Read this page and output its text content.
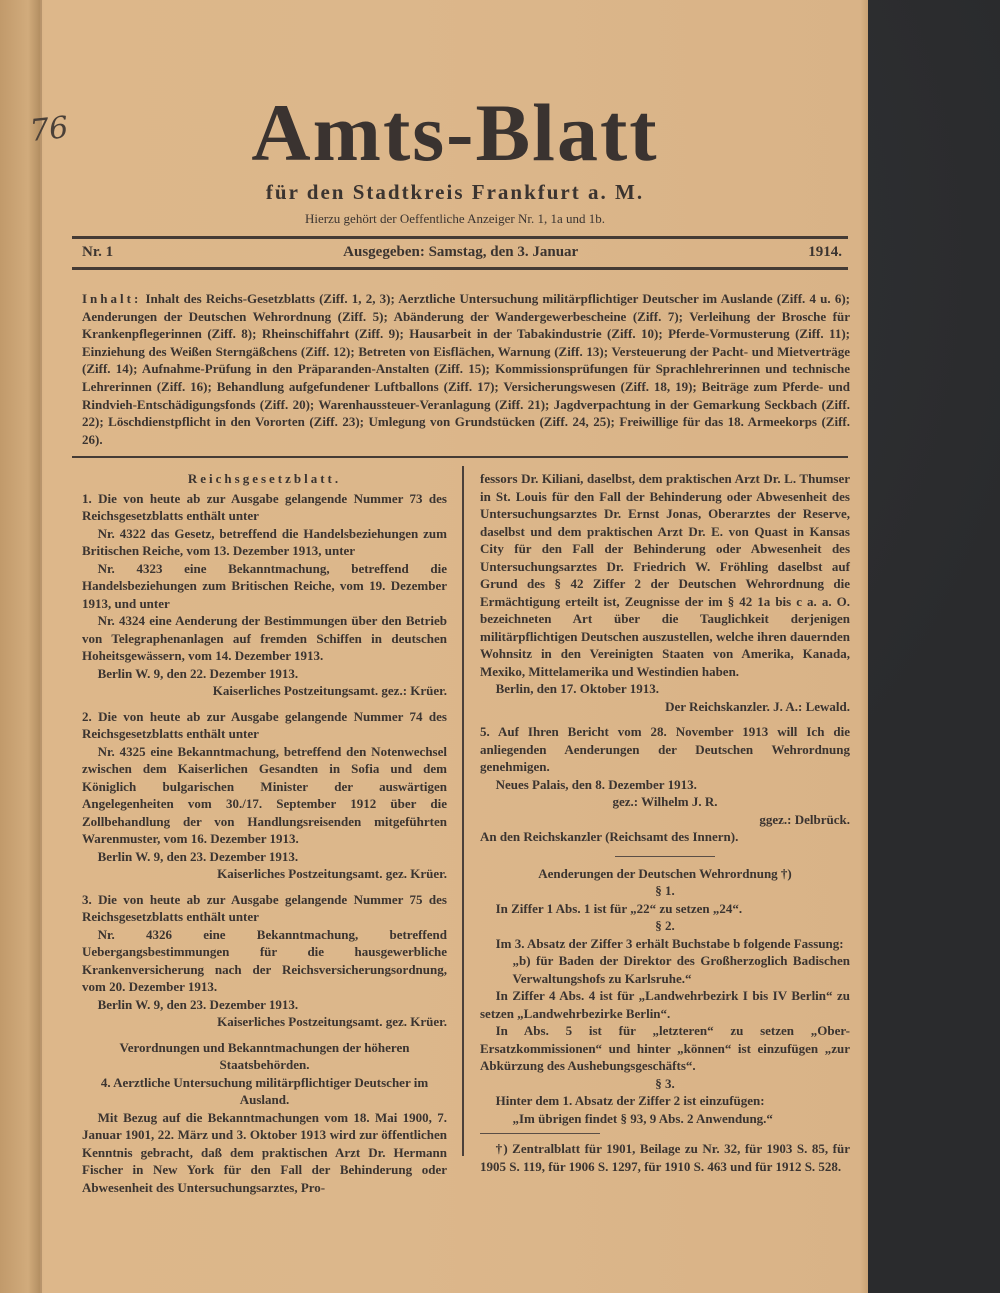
76	Amts-Blatt
für den Stadtkreis Frankfurt a. M.
Hierzu gehört der Oeffentliche Anzeiger Nr. 1, 1a und 1b.
Nr. 1	Ausgegeben: Samstag, den 3. Januar	1914.
Inhalt: Inhalt des Reichs-Gesetzblatts (Ziff. 1, 2, 3); Aerztliche Untersuchung militärpflichtiger Deutscher im Auslande (Ziff. 4 u. 6); Aenderungen der Deutschen Wehrordnung (Ziff. 5); Abänderung der Wandergewerbescheine (Ziff. 7); Verleihung der Brosche für Krankenpflegerinnen (Ziff. 8); Rheinschiffahrt (Ziff. 9); Hausarbeit in der Tabakindustrie (Ziff. 10); Pferde-Vormusterung (Ziff. 11); Einziehung des Weißen Sterngäßchens (Ziff. 12); Betreten von Eisflächen, Warnung (Ziff. 13); Versteuerung der Pacht- und Mietverträge (Ziff. 14); Aufnahme-Prüfung in den Präparanden-Anstalten (Ziff. 15); Kommissionsprüfungen für Sprachlehrerinnen und technische Lehrerinnen (Ziff. 16); Behandlung aufgefundener Luftballons (Ziff. 17); Versicherungswesen (Ziff. 18, 19); Beiträge zum Pferde- und Rindvieh-Entschädigungsfonds (Ziff. 20); Warenhaussteuer-Veranlagung (Ziff. 21); Jagdverpachtung in der Gemarkung Seckbach (Ziff. 22); Löschdienstpflicht in den Vororten (Ziff. 23); Umlegung von Grundstücken (Ziff. 24, 25); Freiwillige für das 18. Armeekorps (Ziff. 26).

Reichsgesetzblatt.

1. Die von heute ab zur Ausgabe gelangende Nummer 73 des Reichsgesetzblatts enthält unter

Nr. 4322 das Gesetz, betreffend die Handelsbeziehungen zum Britischen Reiche, vom 13. Dezember 1913, unter

Nr. 4323 eine Bekanntmachung, betreffend die Handelsbeziehungen zum Britischen Reiche, vom 19. Dezember 1913, und unter

Nr. 4324 eine Aenderung der Bestimmungen über den Betrieb von Telegraphenanlagen auf fremden Schiffen in deutschen Hoheitsgewässern, vom 14. Dezember 1913.

Berlin W. 9, den 22. Dezember 1913.

Kaiserliches Postzeitungsamt. gez.: Krüer.

2. Die von heute ab zur Ausgabe gelangende Nummer 74 des Reichsgesetzblatts enthält unter

Nr. 4325 eine Bekanntmachung, betreffend den Notenwechsel zwischen dem Kaiserlichen Gesandten in Sofia und dem Königlich bulgarischen Minister der auswärtigen Angelegenheiten vom 30./17. September 1912 über die Zollbehandlung der von Handlungsreisenden mitgeführten Warenmuster, vom 16. Dezember 1913.

Berlin W. 9, den 23. Dezember 1913.

Kaiserliches Postzeitungsamt. gez. Krüer.

3. Die von heute ab zur Ausgabe gelangende Nummer 75 des Reichsgesetzblatts enthält unter

Nr. 4326 eine Bekanntmachung, betreffend Uebergangsbestimmungen für die hausgewerbliche Krankenversicherung nach der Reichsversicherungsordnung, vom 20. Dezember 1913.

Berlin W. 9, den 23. Dezember 1913.

Kaiserliches Postzeitungsamt. gez. Krüer.

Verordnungen und Bekanntmachungen der höheren Staatsbehörden.

4. Aerztliche Untersuchung militärpflichtiger Deutscher im Ausland.

Mit Bezug auf die Bekanntmachungen vom 18. Mai 1900, 7. Januar 1901, 22. März und 3. Oktober 1913 wird zur öffentlichen Kenntnis gebracht, daß dem praktischen Arzt Dr. Hermann Fischer in New York für den Fall der Behinderung oder Abwesenheit des Untersuchungsarztes, Pro-

fessors Dr. Kiliani, daselbst, dem praktischen Arzt Dr. L. Thumser in St. Louis für den Fall der Behinderung oder Abwesenheit des Untersuchungsarztes Dr. Ernst Jonas, Oberarztes der Reserve, daselbst und dem praktischen Arzt Dr. E. von Quast in Kansas City für den Fall der Behinderung oder Abwesenheit des Untersuchungsarztes Dr. Friedrich W. Fröhling daselbst auf Grund des § 42 Ziffer 2 der Deutschen Wehrordnung die Ermächtigung erteilt ist, Zeugnisse der im § 42 1a bis c a. a. O. bezeichneten Art über die Tauglichkeit derjenigen militärpflichtigen Deutschen auszustellen, welche ihren dauernden Wohnsitz in den Vereinigten Staaten von Amerika, Kanada, Mexiko, Mittelamerika und Westindien haben.

Berlin, den 17. Oktober 1913.

Der Reichskanzler. J. A.: Lewald.

5. Auf Ihren Bericht vom 28. November 1913 will Ich die anliegenden Aenderungen der Deutschen Wehrordnung genehmigen.

Neues Palais, den 8. Dezember 1913.

gez.: Wilhelm J. R.

ggez.: Delbrück.

An den Reichskanzler (Reichsamt des Innern).

Aenderungen der Deutschen Wehrordnung †)

§ 1.

In Ziffer 1 Abs. 1 ist für „22“ zu setzen „24“.

§ 2.

Im 3. Absatz der Ziffer 3 erhält Buchstabe b folgende Fassung:

„b) für Baden der Direktor des Großherzoglich Badischen Verwaltungshofs zu Karlsruhe.“

In Ziffer 4 Abs. 4 ist für „Landwehrbezirk I bis IV Berlin“ zu setzen „Landwehrbezirke Berlin“.

In Abs. 5 ist für „letzteren“ zu setzen „Ober-Ersatzkommissionen“ und hinter „können“ ist einzufügen „zur Abkürzung des Aushebungsgeschäfts“.

§ 3.

Hinter dem 1. Absatz der Ziffer 2 ist einzufügen:

„Im übrigen findet § 93, 9 Abs. 2 Anwendung.“

†) Zentralblatt für 1901, Beilage zu Nr. 32, für 1903 S. 85, für 1905 S. 119, für 1906 S. 1297, für 1910 S. 463 und für 1912 S. 528.
